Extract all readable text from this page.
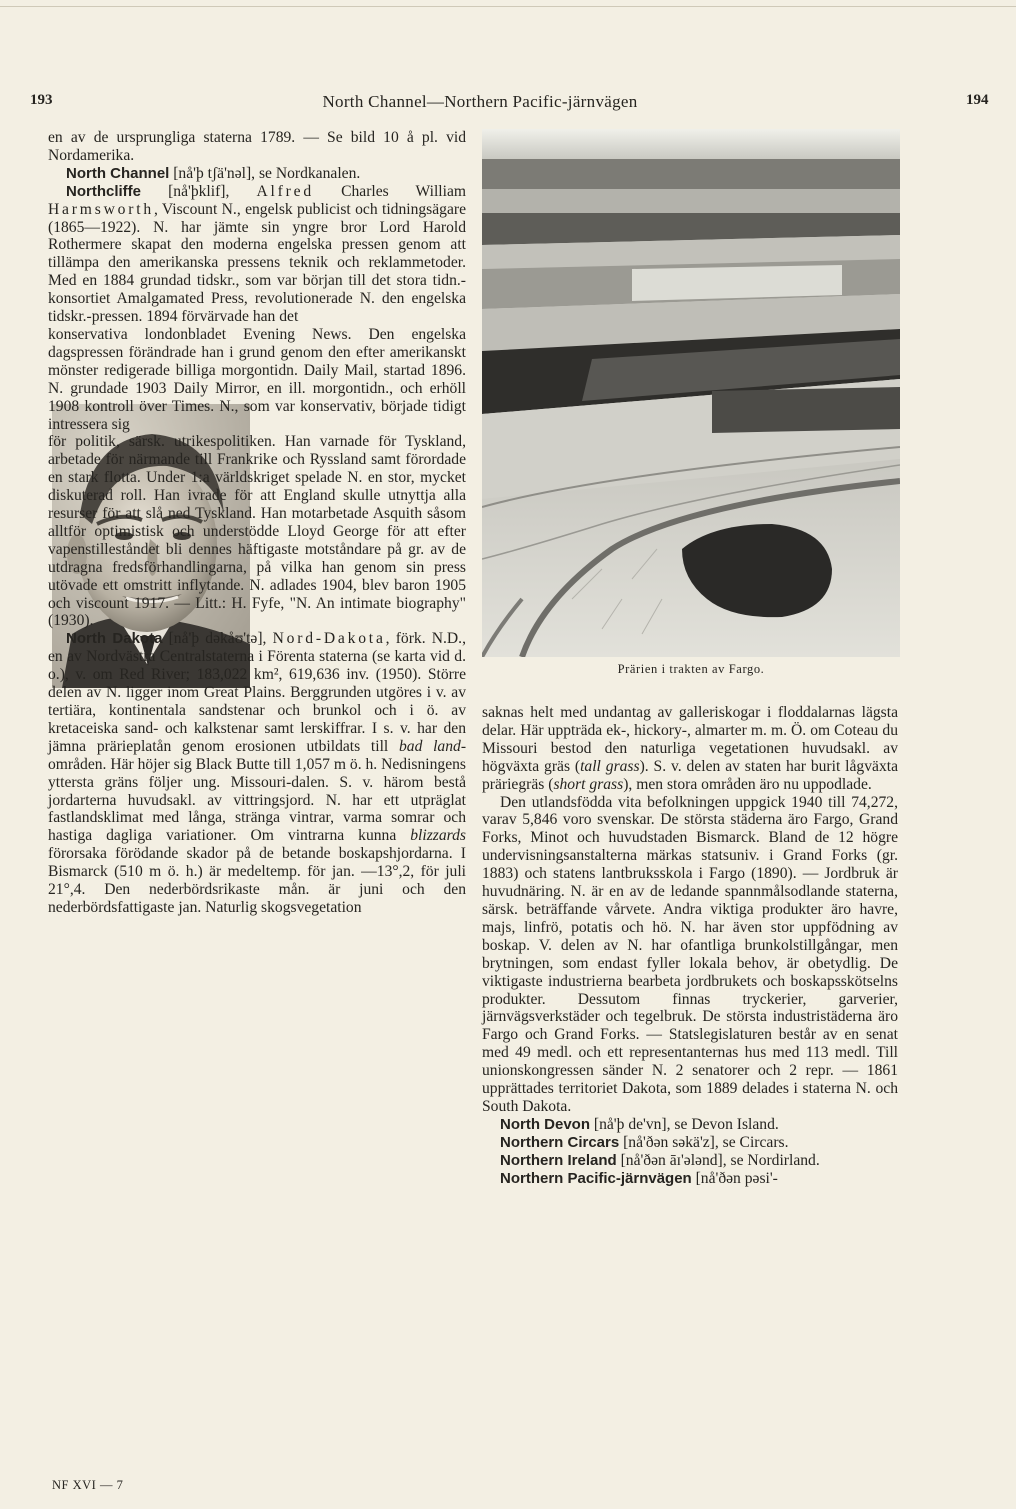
193	North Channel—Northern Pacific-järnvägen	194
Prärien i trakten av Fargo.

en av de ursprungliga staterna 1789. — Se bild 10 å pl. vid Nordamerika.

North Channel [nå'þ tʃä'nəl], se Nordkanalen.

Northcliffe [nå'þklif], Alfred Charles William Harmsworth, Viscount N., engelsk publicist och tidningsägare (1865—1922). N. har jämte sin yngre bror Lord Harold Rothermere skapat den moderna engelska pressen genom att tillämpa den amerikanska pressens teknik och reklammetoder. Med en 1884 grundad tidskr., som var början till det stora tidn.-konsortiet Amalgamated Press, revolutionerade N. den engelska tidskr.-pressen. 1894 förvärvade han det

konservativa londonbladet Evening News. Den engelska dagspressen förändrade han i grund genom den efter amerikanskt mönster redigerade billiga morgontidn. Daily Mail, startad 1896. N. grundade 1903 Daily Mirror, en ill. morgontidn., och erhöll 1908 kontroll över Times. N., som var konservativ, började tidigt intressera sig

för politik, särsk. utrikespolitiken. Han varnade för Tyskland, arbetade för närmande till Frankrike och Ryssland samt förordade en stark flotta. Under 1:a världskriget spelade N. en stor, mycket diskuterad roll. Han ivrade för att England skulle utnyttja alla resurser för att slå ned Tyskland. Han motarbetade Asquith såsom alltför optimistisk och understödde Lloyd George för att efter vapenstilleståndet bli dennes häftigaste motståndare på gr. av de utdragna fredsförhandlingarna, på vilka han genom sin press utövade ett omstritt inflytande. N. adlades 1904, blev baron 1905 och viscount 1917. — Litt.: H. Fyfe, "N. An intimate biography" (1930).

North Dakota [nå'þ dəkåʊ'tə], Nord-Dakota, förk. N.D., en av Nordvästra Centralstaterna i Förenta staterna (se karta vid d. o.), v. om Red River; 183,022 km², 619,636 inv. (1950). Större delen av N. ligger inom Great Plains. Berggrunden utgöres i v. av tertiära, kontinentala sandstenar och brunkol och i ö. av kretaceiska sand- och kalkstenar samt lerskiffrar. I s. v. har den jämna prärieplatån genom erosionen utbildats till bad land-områden. Här höjer sig Black Butte till 1,057 m ö. h. Nedisningens yttersta gräns följer ung. Missouri-dalen. S. v. härom bestå jordarterna huvudsakl. av vittringsjord. N. har ett utpräglat fastlandsklimat med långa, stränga vintrar, varma somrar och hastiga dagliga variationer. Om vintrarna kunna blizzards förorsaka förödande skador på de betande boskapshjordarna. I Bismarck (510 m ö. h.) är medeltemp. för jan. —13°,2, för juli 21°,4. Den nederbördsrikaste mån. är juni och den nederbördsfattigaste jan. Naturlig skogsvegetation

saknas helt med undantag av galleriskogar i floddalarnas lägsta delar. Här uppträda ek-, hickory-, almarter m. m. Ö. om Coteau du Missouri bestod den naturliga vegetationen huvudsakl. av högväxta gräs (tall grass). S. v. delen av staten har burit lågväxta präriegräs (short grass), men stora områden äro nu uppodlade.

Den utlandsfödda vita befolkningen uppgick 1940 till 74,272, varav 5,846 voro svenskar. De största städerna äro Fargo, Grand Forks, Minot och huvudstaden Bismarck. Bland de 12 högre undervisningsanstalterna märkas statsuniv. i Grand Forks (gr. 1883) och statens lantbruksskola i Fargo (1890). — Jordbruk är huvudnäring. N. är en av de ledande spannmålsodlande staterna, särsk. beträffande vårvete. Andra viktiga produkter äro havre, majs, linfrö, potatis och hö. N. har även stor uppfödning av boskap. V. delen av N. har ofantliga brunkolstillgångar, men brytningen, som endast fyller lokala behov, är obetydlig. De viktigaste industrierna bearbeta jordbrukets och boskapsskötselns produkter. Dessutom finnas tryckerier, garverier, järnvägsverkstäder och tegelbruk. De största industristäderna äro Fargo och Grand Forks. — Statslegislaturen består av en senat med 49 medl. och ett representanternas hus med 113 medl. Till unionskongressen sänder N. 2 senatorer och 2 repr. — 1861 upprättades territoriet Dakota, som 1889 delades i staterna N. och South Dakota.

North Devon [nå'þ de'vn], se Devon Island.

Northern Circars [nå'ðən səkä'z], se Circars.

Northern Ireland [nå'ðən āɪ'ələnd], se Nordirland.

Northern Pacific-järnvägen [nå'ðən pəsi'-

NF XVI — 7
